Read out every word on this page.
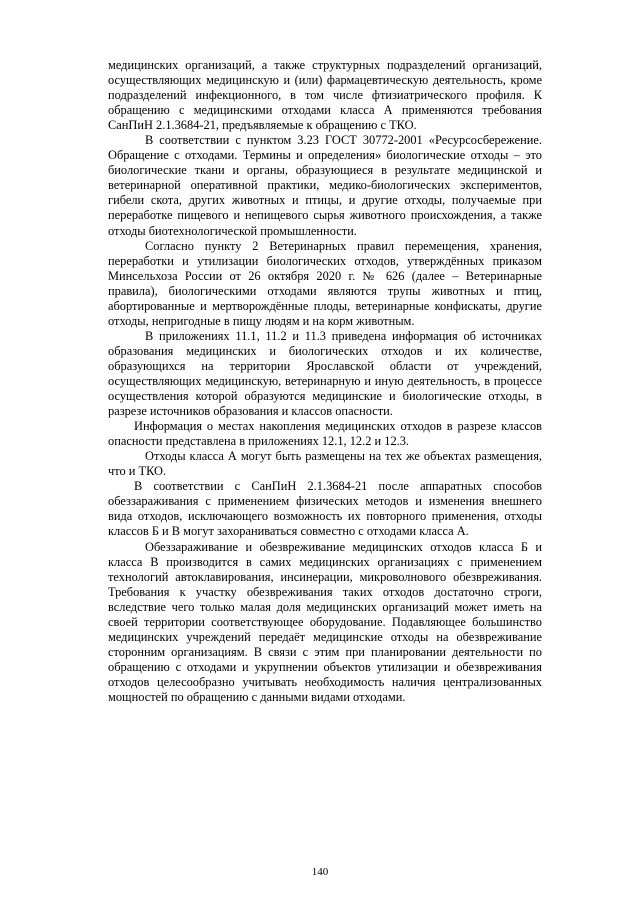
медицинских организаций, а также структурных подразделений организаций, осуществляющих медицинскую и (или) фармацевтическую деятельность, кроме подразделений инфекционного, в том числе фтизиатрического профиля. К обращению с медицинскими отходами класса А применяются требования СанПиН 2.1.3684-21, предъявляемые к обращению с ТКО.

В соответствии с пунктом 3.23 ГОСТ 30772-2001 «Ресурсосбережение. Обращение с отходами. Термины и определения» биологические отходы – это биологические ткани и органы, образующиеся в результате медицинской и ветеринарной оперативной практики, медико-биологических экспериментов, гибели скота, других животных и птицы, и другие отходы, получаемые при переработке пищевого и непищевого сырья животного происхождения, а также отходы биотехнологической промышленности.

Согласно пункту 2 Ветеринарных правил перемещения, хранения, переработки и утилизации биологических отходов, утверждённых приказом Минсельхоза России от 26 октября 2020 г. № 626 (далее – Ветеринарные правила), биологическими отходами являются трупы животных и птиц, абортированные и мертворождённые плоды, ветеринарные конфискаты, другие отходы, непригодные в пищу людям и на корм животным.

В приложениях 11.1, 11.2 и 11.3 приведена информация об источниках образования медицинских и биологических отходов и их количестве, образующихся на территории Ярославской области от учреждений, осуществляющих медицинскую, ветеринарную и иную деятельность, в процессе осуществления которой образуются медицинские и биологические отходы, в разрезе источников образования и классов опасности.

Информация о местах накопления медицинских отходов в разрезе классов опасности представлена в приложениях 12.1, 12.2 и 12.3.

Отходы класса А могут быть размещены на тех же объектах размещения, что и ТКО.

В соответствии с СанПиН 2.1.3684-21 после аппаратных способов обеззараживания с применением физических методов и изменения внешнего вида отходов, исключающего возможность их повторного применения, отходы классов Б и В могут захораниваться совместно с отходами класса А.

Обеззараживание и обезвреживание медицинских отходов класса Б и класса В производится в самих медицинских организациях с применением технологий автоклавирования, инсинерации, микроволнового обезвреживания. Требования к участку обезвреживания таких отходов достаточно строги, вследствие чего только малая доля медицинских организаций может иметь на своей территории соответствующее оборудование. Подавляющее большинство медицинских учреждений передаёт медицинские отходы на обезвреживание сторонним организациям. В связи с этим при планировании деятельности по обращению с отходами и укрупнении объектов утилизации и обезвреживания отходов целесообразно учитывать необходимость наличия централизованных мощностей по обращению с данными видами отходами.

140
